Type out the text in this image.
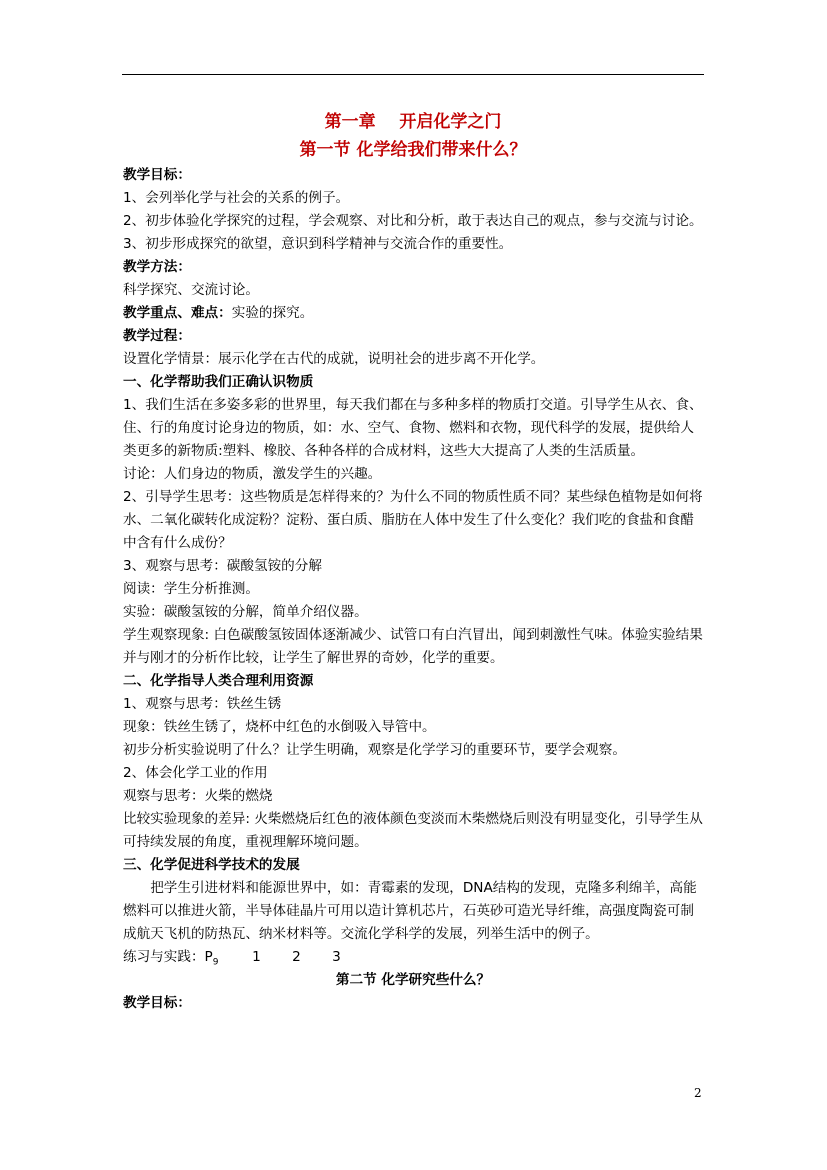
第一章    开启化学之门

第一节 化学给我们带来什么？

教学目标：

1、会列举化学与社会的关系的例子。

2、初步体验化学探究的过程，学会观察、对比和分析，敢于表达自己的观点，参与交流与讨论。

3、初步形成探究的欲望，意识到科学精神与交流合作的重要性。

教学方法：

科学探究、交流讨论。

教学重点、难点：实验的探究。

教学过程：

设置化学情景：展示化学在古代的成就，说明社会的进步离不开化学。

一、化学帮助我们正确认识物质

1、我们生活在多姿多彩的世界里，每天我们都在与多种多样的物质打交道。引导学生从衣、食、住、行的角度讨论身边的物质，如：水、空气、食物、燃料和衣物，现代科学的发展，提供给人类更多的新物质:塑料、橡胶、各种各样的合成材料，这些大大提高了人类的生活质量。

讨论：人们身边的物质，激发学生的兴趣。

2、引导学生思考：这些物质是怎样得来的？为什么不同的物质性质不同？某些绿色植物是如何将水、二氧化碳转化成淀粉？淀粉、蛋白质、脂肪在人体中发生了什么变化？我们吃的食盐和食醋中含有什么成份？

3、观察与思考：碳酸氢铵的分解

阅读：学生分析推测。

实验：碳酸氢铵的分解，简单介绍仪器。

学生观察现象: 白色碳酸氢铵固体逐渐减少、试管口有白汽冒出，闻到刺激性气味。体验实验结果并与刚才的分析作比较，让学生了解世界的奇妙，化学的重要。

二、化学指导人类合理利用资源

1、观察与思考：铁丝生锈

现象：铁丝生锈了，烧杯中红色的水倒吸入导管中。

初步分析实验说明了什么？让学生明确，观察是化学学习的重要环节，要学会观察。

2、体会化学工业的作用

观察与思考：火柴的燃烧

比较实验现象的差异: 火柴燃烧后红色的液体颜色变淡而木柴燃烧后则没有明显变化，引导学生从可持续发展的角度，重视理解环境问题。

三、化学促进科学技术的发展

把学生引进材料和能源世界中，如：青霉素的发现，DNA结构的发现，克隆多利绵羊，高能燃料可以推进火箭，半导体硅晶片可用以造计算机芯片，石英砂可造光导纤维，高强度陶瓷可制成航天飞机的防热瓦、纳米材料等。交流化学科学的发展，列举生活中的例子。

练习与实践：$P_9$ 1 2 3

第二节 化学研究些什么？

教学目标：

2
